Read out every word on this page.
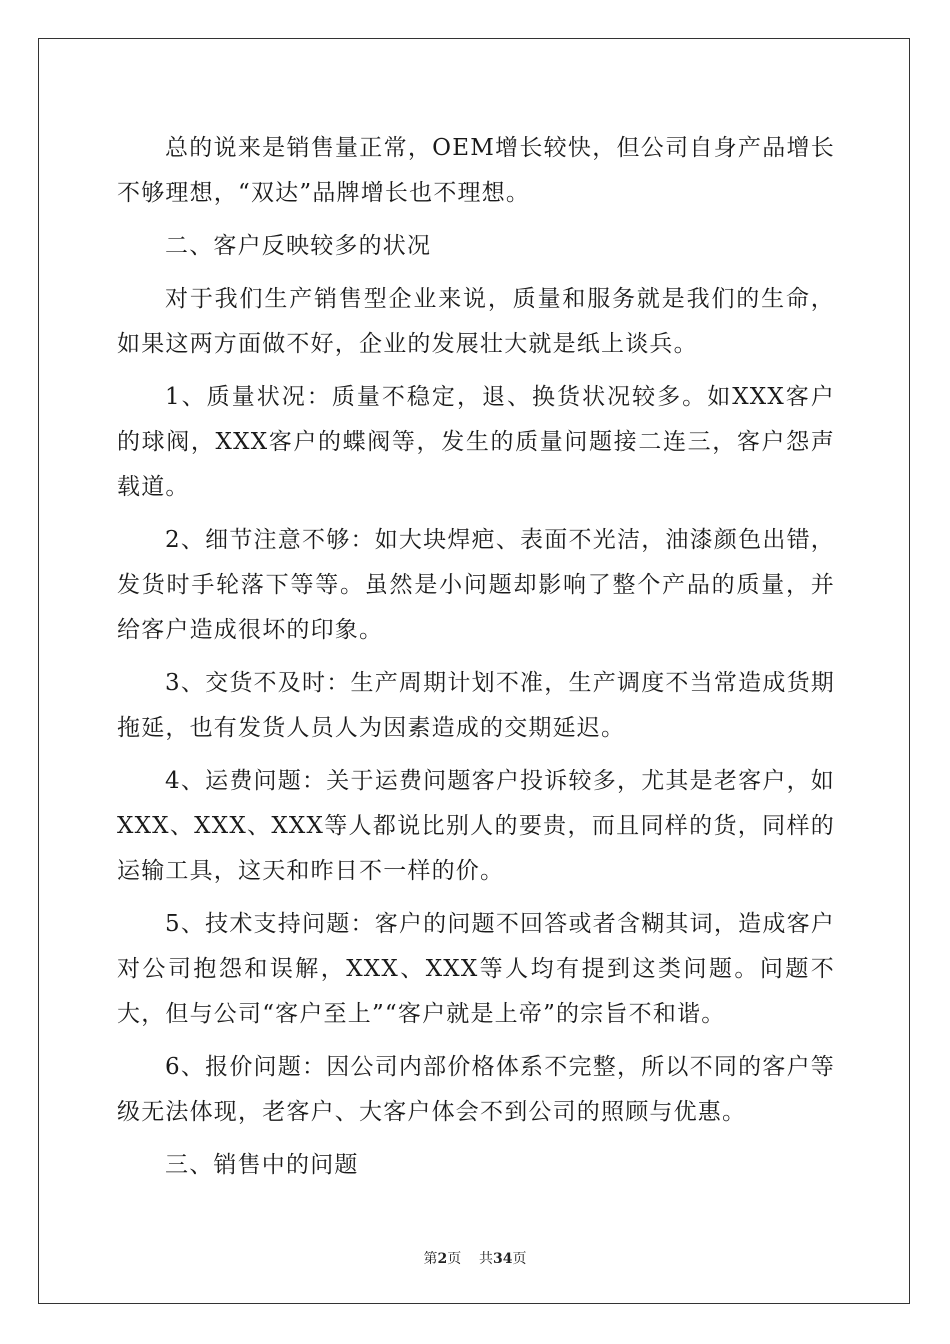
总的说来是销售量正常，OEM增长较快，但公司自身产品增长不够理想，“双达”品牌增长也不理想。

二、客户反映较多的状况

对于我们生产销售型企业来说，质量和服务就是我们的生命，如果这两方面做不好，企业的发展壮大就是纸上谈兵。

1、质量状况：质量不稳定，退、换货状况较多。如XXX客户的球阀，XXX客户的蝶阀等，发生的质量问题接二连三，客户怨声载道。

2、细节注意不够：如大块焊疤、表面不光洁，油漆颜色出错，发货时手轮落下等等。虽然是小问题却影响了整个产品的质量，并给客户造成很坏的印象。

3、交货不及时：生产周期计划不准，生产调度不当常造成货期拖延，也有发货人员人为因素造成的交期延迟。

4、运费问题：关于运费问题客户投诉较多，尤其是老客户，如XXX、XXX、XXX等人都说比别人的要贵，而且同样的货，同样的运输工具，这天和昨日不一样的价。

5、技术支持问题：客户的问题不回答或者含糊其词，造成客户对公司抱怨和误解，XXX、XXX等人均有提到这类问题。问题不大，但与公司“客户至上”“客户就是上帝”的宗旨不和谐。

6、报价问题：因公司内部价格体系不完整，所以不同的客户等级无法体现，老客户、大客户体会不到公司的照顾与优惠。

三、销售中的问题

第2页 共34页
